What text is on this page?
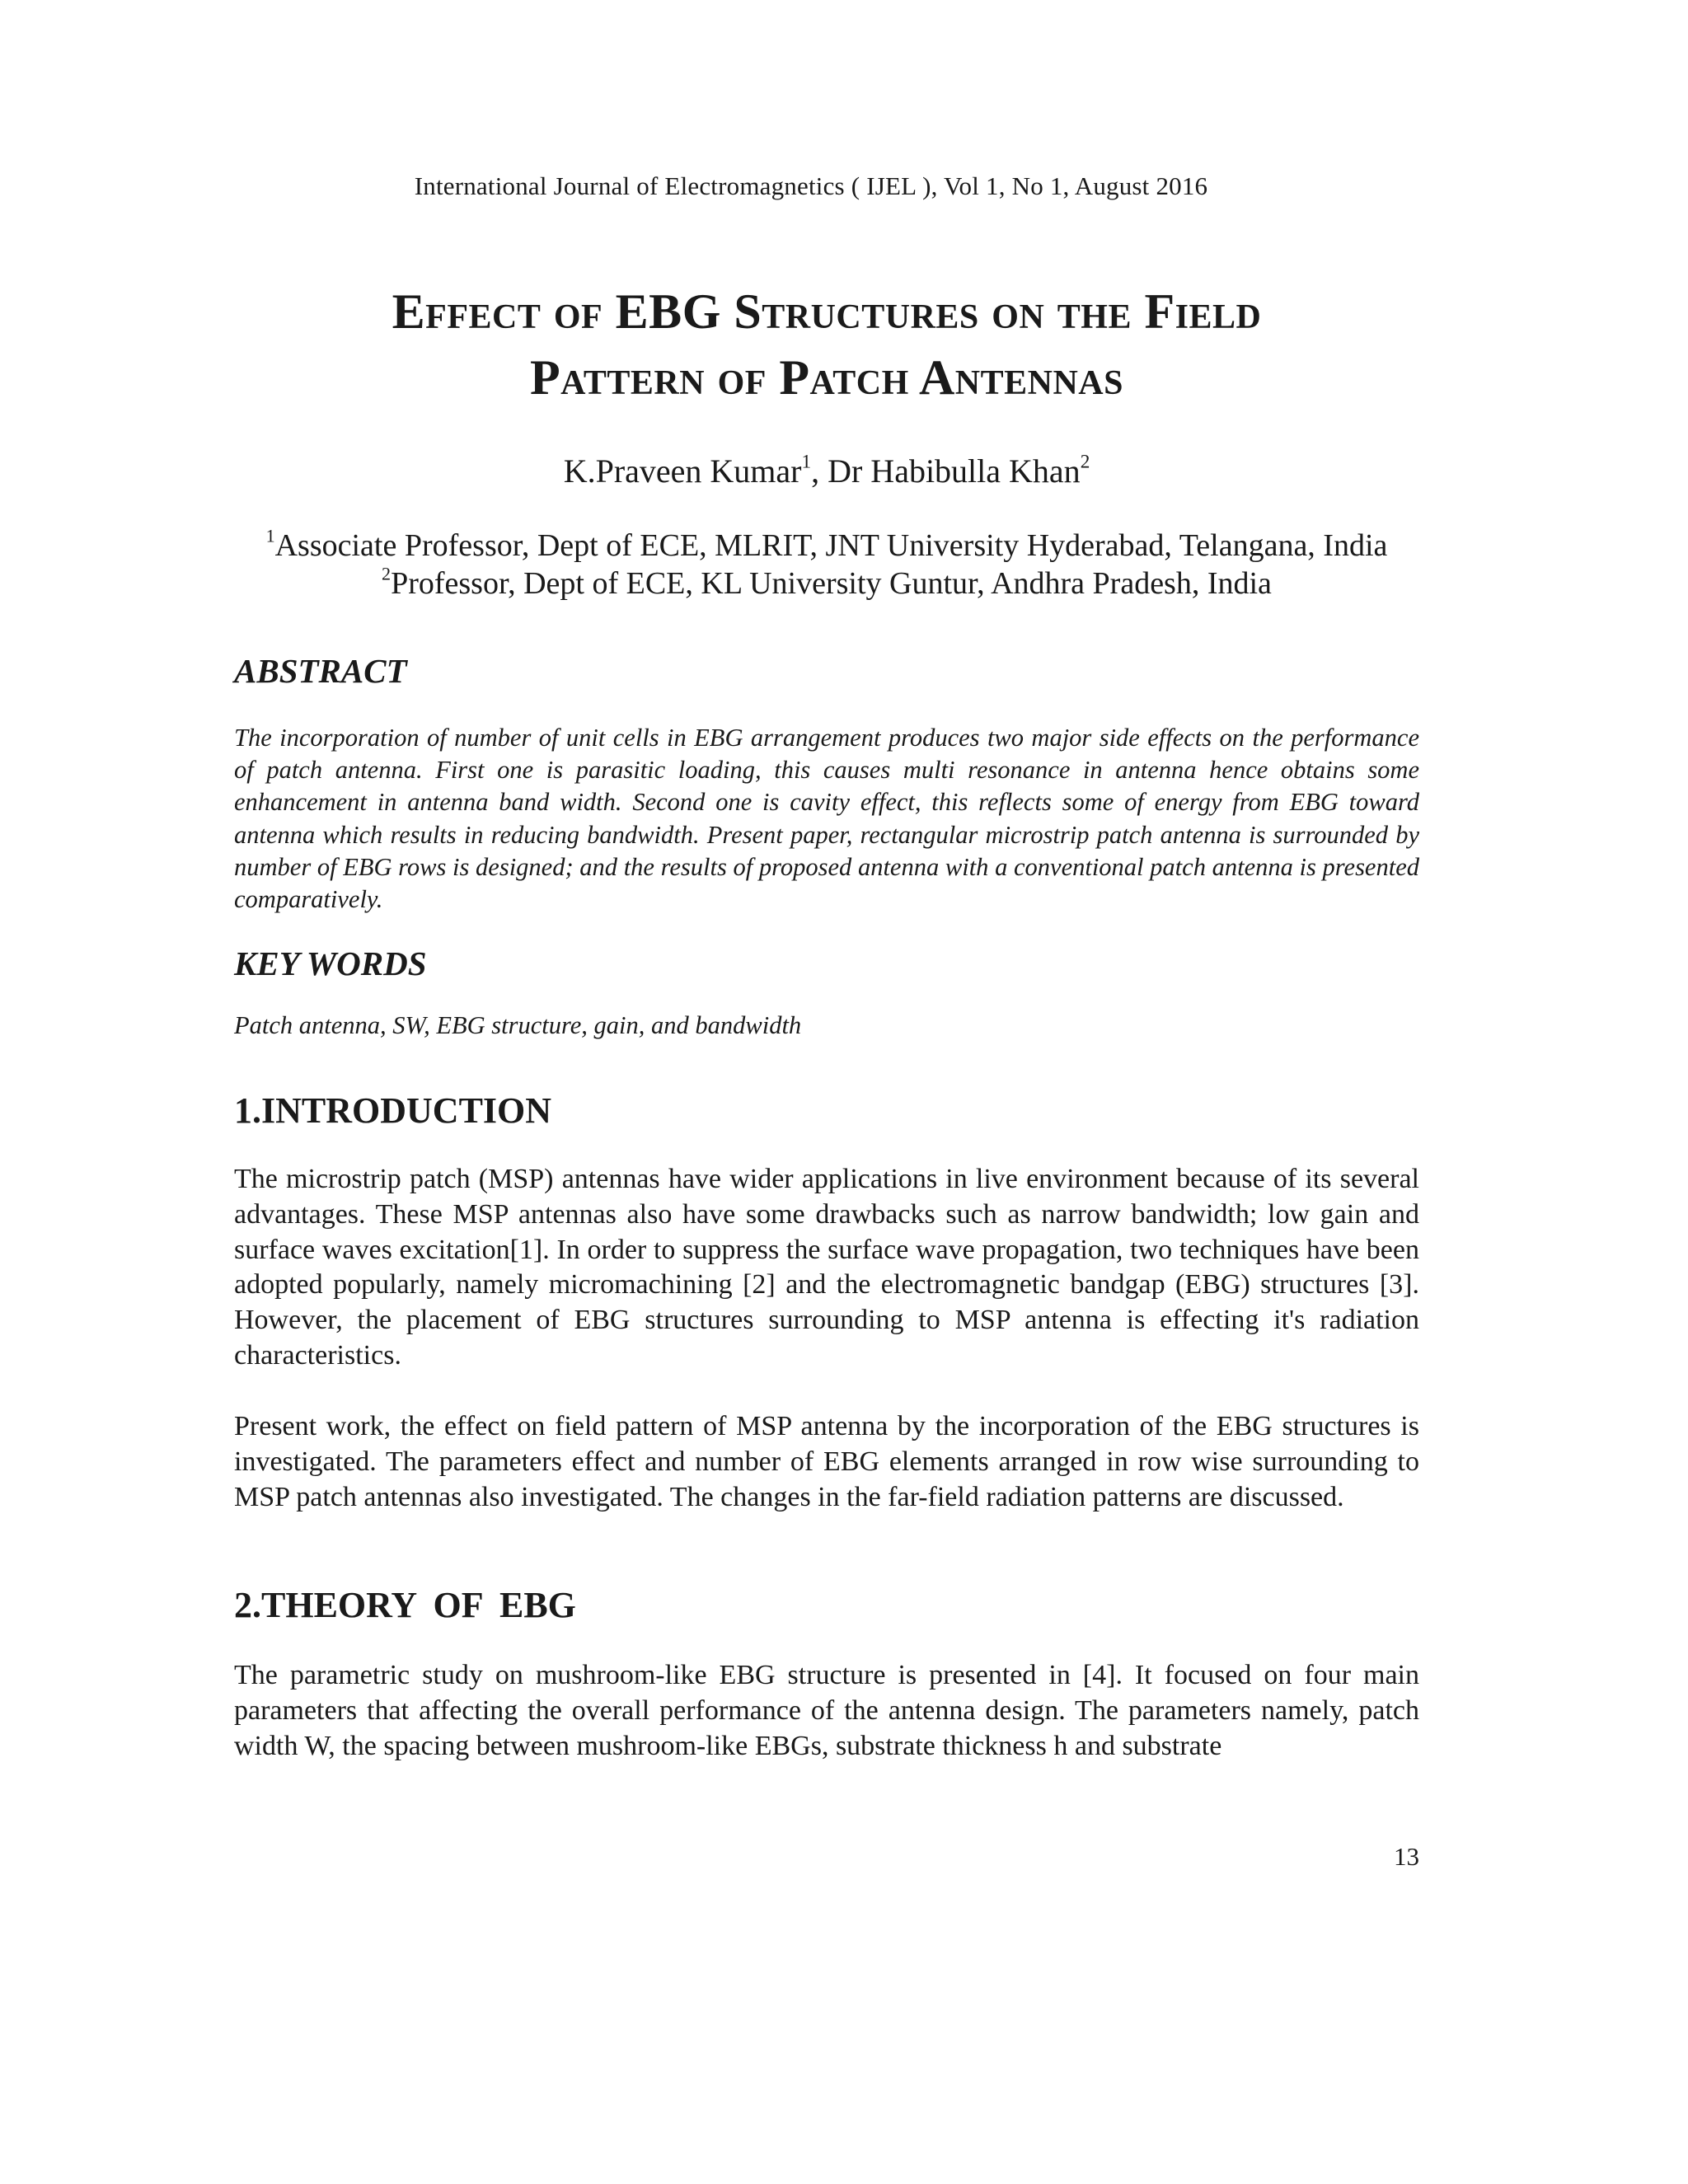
International Journal of Electromagnetics ( IJEL ), Vol 1, No 1, August 2016
Effect of EBG Structures on the Field
Pattern of Patch Antennas
K.Praveen Kumar$^1$, Dr Habibulla Khan$^2$
$^1$Associate Professor, Dept of ECE, MLRIT, JNT University Hyderabad, Telangana, India
$^2$Professor, Dept of ECE, KL University Guntur, Andhra Pradesh, India
ABSTRACT
The incorporation of number of unit cells in EBG arrangement produces two major side effects on the performance of patch antenna. First one is parasitic loading, this causes multi resonance in antenna hence obtains some enhancement in antenna band width. Second one is cavity effect, this reflects some of energy from EBG toward antenna which results in reducing bandwidth. Present paper, rectangular microstrip patch antenna is surrounded by number of EBG rows is designed; and the results of proposed antenna with a conventional patch antenna is presented comparatively.
KEY WORDS
Patch antenna, SW, EBG structure, gain, and bandwidth
1.INTRODUCTION
The microstrip patch (MSP) antennas have wider applications in live environment because of its several advantages. These MSP antennas also have some drawbacks such as narrow bandwidth; low gain and surface waves excitation[1]. In order to suppress the surface wave propagation, two techniques have been adopted popularly, namely micromachining [2] and the electromagnetic bandgap (EBG) structures [3]. However, the placement of EBG structures surrounding to MSP antenna is effecting it's radiation characteristics.
Present work, the effect on field pattern of MSP antenna by the incorporation of the EBG structures is investigated. The parameters effect and number of EBG elements arranged in row wise surrounding to MSP patch antennas also investigated. The changes in the far-field radiation patterns are discussed.
2.THEORY OF EBG
The parametric study on mushroom-like EBG structure is presented in [4]. It focused on four main parameters that affecting the overall performance of the antenna design. The parameters namely, patch width W, the spacing between mushroom-like EBGs, substrate thickness h and substrate
13
